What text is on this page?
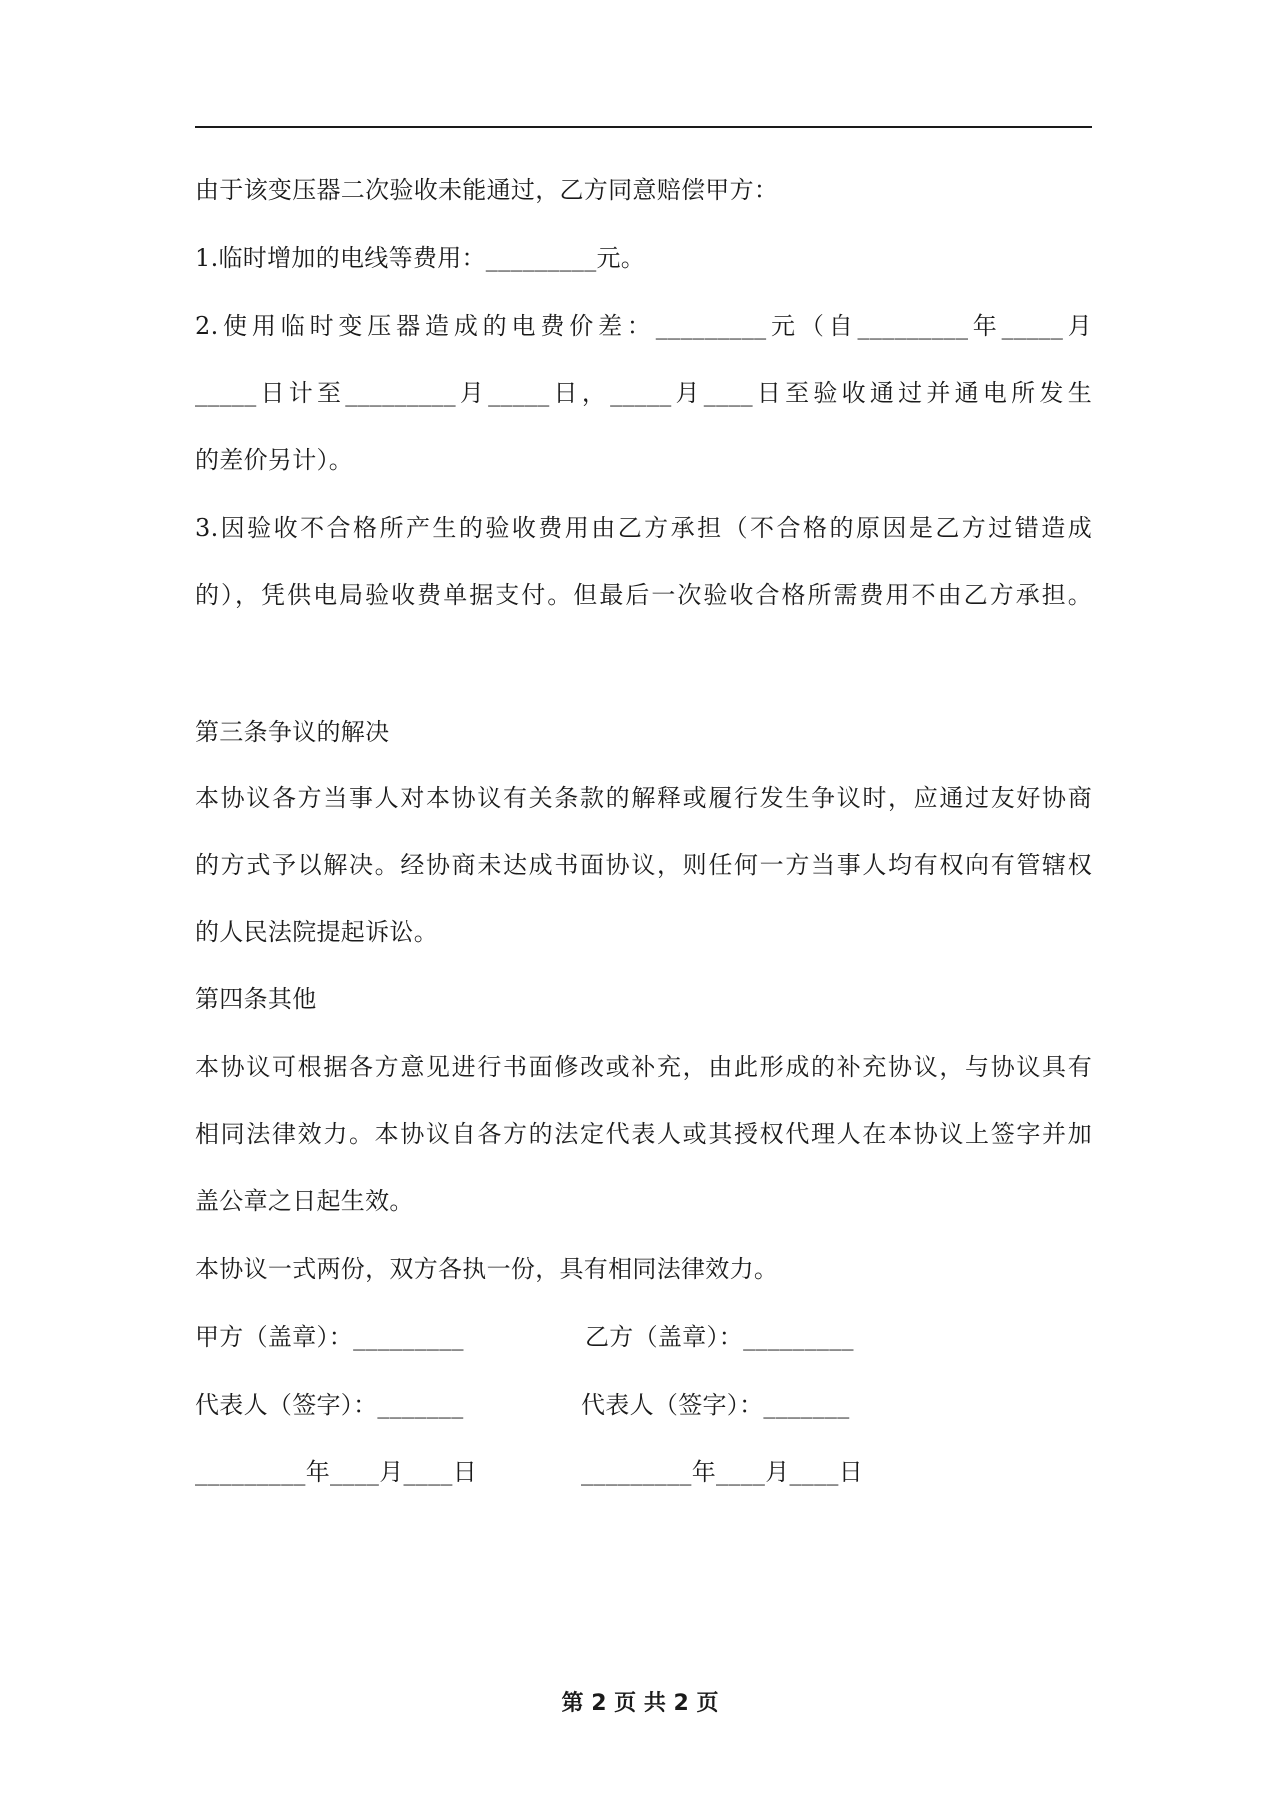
由于该变压器二次验收未能通过，乙方同意赔偿甲方：
1.临时增加的电线等费用：_________元。
2.使用临时变压器造成的电费价差：_________元（自_________年_____月
_____日计至_________月_____日，_____月____日至验收通过并通电所发生
的差价另计）。
3.因验收不合格所产生的验收费用由乙方承担（不合格的原因是乙方过错造成
的），凭供电局验收费单据支付。但最后一次验收合格所需费用不由乙方承担。
第三条争议的解决
本协议各方当事人对本协议有关条款的解释或履行发生争议时，应通过友好协商
的方式予以解决。经协商未达成书面协议，则任何一方当事人均有权向有管辖权
的人民法院提起诉讼。
第四条其他
本协议可根据各方意见进行书面修改或补充，由此形成的补充协议，与协议具有
相同法律效力。本协议自各方的法定代表人或其授权代理人在本协议上签字并加
盖公章之日起生效。
本协议一式两份，双方各执一份，具有相同法律效力。
甲方（盖章）：_________
代表人（签字）：_______
_________年____月____日
乙方（盖章）：_________
代表人（签字）：_______
_________年____月____日
第 2 页 共 2 页
